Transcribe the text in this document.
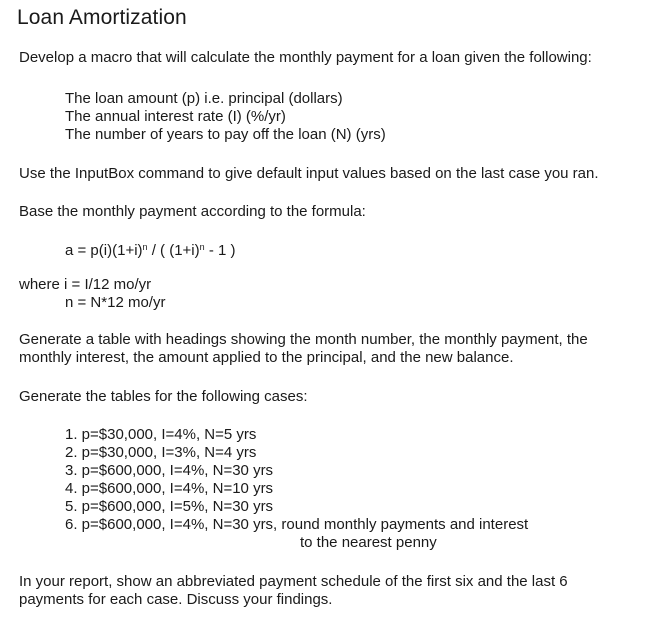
Loan Amortization
Develop a macro that will calculate the monthly payment for a loan given the following:
The loan amount (p) i.e. principal (dollars)
The annual interest rate (I) (%/yr)
The number of years to pay off the loan (N) (yrs)
Use the InputBox command to give default input values based on the last case you ran.
Base the monthly payment according to the formula:
$a = p(i)(1+i)^n$ / ( $(1+i)^n - 1$ )
where i = I/12 mo/yr
n = N*12 mo/yr
Generate a table with headings showing the month number, the monthly payment, the
monthly interest, the amount applied to the principal, and the new balance.
Generate the tables for the following cases:
1. p=$30,000, I=4%, N=5 yrs
2. p=$30,000, I=3%, N=4 yrs
3. p=$600,000, I=4%, N=30 yrs
4. p=$600,000, I=4%, N=10 yrs
5. p=$600,000, I=5%, N=30 yrs
6. p=$600,000, I=4%, N=30 yrs, round monthly payments and interest
to the nearest penny
In your report, show an abbreviated payment schedule of the first six and the last 6
payments for each case. Discuss your findings.
